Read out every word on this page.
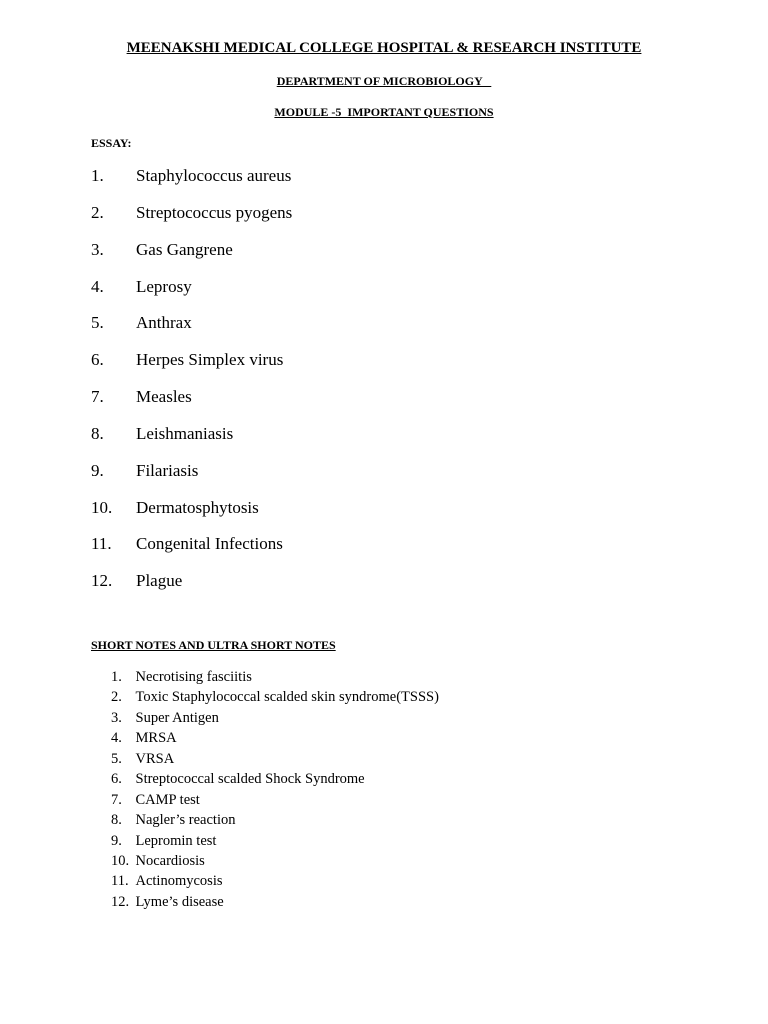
MEENAKSHI MEDICAL COLLEGE HOSPITAL & RESEARCH INSTITUTE
DEPARTMENT OF MICROBIOLOGY
MODULE -5  IMPORTANT QUESTIONS
ESSAY:
1. Staphylococcus aureus
2. Streptococcus pyogens
3. Gas Gangrene
4. Leprosy
5. Anthrax
6. Herpes Simplex virus
7. Measles
8. Leishmaniasis
9. Filariasis
10. Dermatosphytosis
11. Congenital Infections
12. Plague
SHORT NOTES AND ULTRA SHORT NOTES
1. Necrotising fasciitis
2. Toxic Staphylococcal scalded skin syndrome(TSSS)
3. Super Antigen
4. MRSA
5. VRSA
6. Streptococcal scalded Shock Syndrome
7. CAMP test
8. Nagler’s reaction
9. Lepromin test
10. Nocardiosis
11. Actinomycosis
12. Lyme’s disease
